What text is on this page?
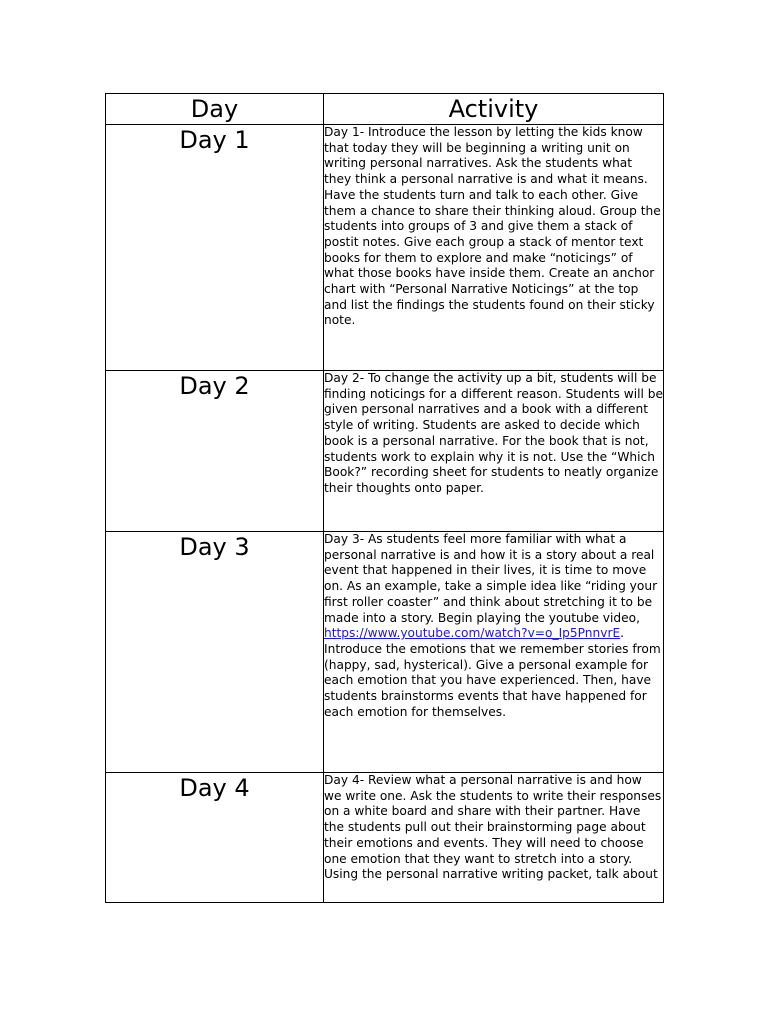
Day	Activity

Day 1	Day 1- Introduce the lesson by letting the kids know that today they will be beginning a writing unit on writing personal narratives. Ask the students what they think a personal narrative is and what it means. Have the students turn and talk to each other. Give them a chance to share their thinking aloud. Group the students into groups of 3 and give them a stack of postit notes. Give each group a stack of mentor text books for them to explore and make “noticings” of what those books have inside them. Create an anchor chart with “Personal Narrative Noticings” at the top and list the findings the students found on their sticky note.

Day 2	Day 2- To change the activity up a bit, students will be finding noticings for a different reason. Students will be given personal narratives and a book with a different style of writing. Students are asked to decide which book is a personal narrative. For the book that is not, students work to explain why it is not. Use the “Which Book?” recording sheet for students to neatly organize their thoughts onto paper.

Day 3	Day 3- As students feel more familiar with what a personal narrative is and how it is a story about a real event that happened in their lives, it is time to move on. As an example, take a simple idea like “riding your first roller coaster” and think about stretching it to be made into a story. Begin playing the youtube video, https://www.youtube.com/watch?v=o_Ip5PnnvrE. Introduce the emotions that we remember stories from (happy, sad, hysterical). Give a personal example for each emotion that you have experienced. Then, have students brainstorms events that have happened for each emotion for themselves.

Day 4	Day 4- Review what a personal narrative is and how we write one. Ask the students to write their responses on a white board and share with their partner. Have the students pull out their brainstorming page about their emotions and events. They will need to choose one emotion that they want to stretch into a story. Using the personal narrative writing packet, talk about
